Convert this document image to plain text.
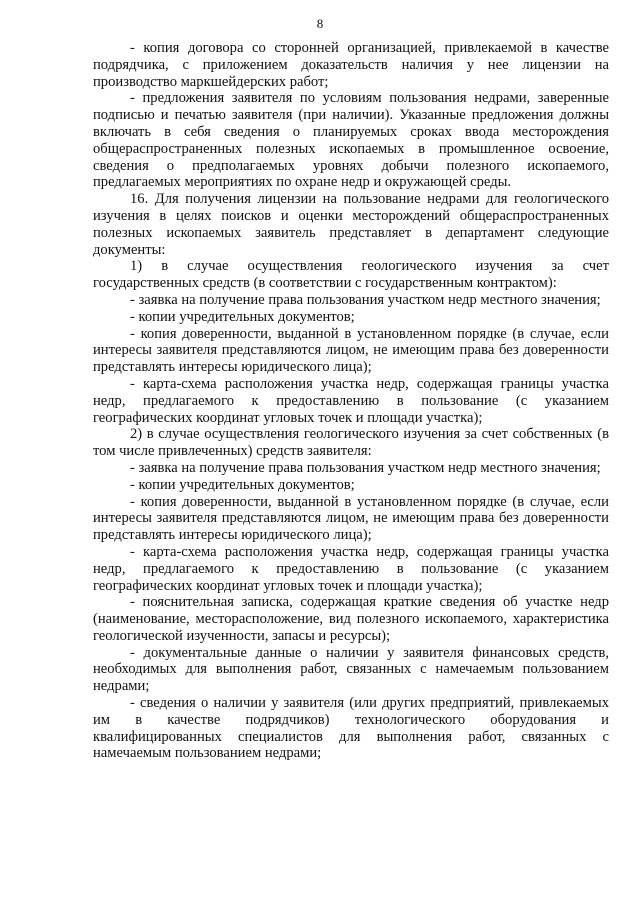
8

- копия договора со сторонней организацией, привлекаемой в качестве подрядчика, с приложением доказательств наличия у нее лицензии на производство маркшейдерских работ;

- предложения заявителя по условиям пользования недрами, заверенные подписью и печатью заявителя (при наличии). Указанные предложения должны включать в себя сведения о планируемых сроках ввода месторождения общераспространенных полезных ископаемых в промышленное освоение, сведения о предполагаемых уровнях добычи полезного ископаемого, предлагаемых мероприятиях по охране недр и окружающей среды.

16. Для получения лицензии на пользование недрами для геологического изучения в целях поисков и оценки месторождений общераспространенных полезных ископаемых заявитель представляет в департамент следующие документы:

1) в случае осуществления геологического изучения за счет государственных средств (в соответствии с государственным контрактом):

- заявка на получение права пользования участком недр местного значения;

- копии учредительных документов;

- копия доверенности, выданной в установленном порядке (в случае, если интересы заявителя представляются лицом, не имеющим права без доверенности представлять интересы юридического лица);

- карта-схема расположения участка недр, содержащая границы участка недр, предлагаемого к предоставлению в пользование (с указанием географических координат угловых точек и площади участка);

2) в случае осуществления геологического изучения за счет собственных (в том числе привлеченных) средств заявителя:

- заявка на получение права пользования участком недр местного значения;

- копии учредительных документов;

- копия доверенности, выданной в установленном порядке (в случае, если интересы заявителя представляются лицом, не имеющим права без доверенности представлять интересы юридического лица);

- карта-схема расположения участка недр, содержащая границы участка недр, предлагаемого к предоставлению в пользование (с указанием географических координат угловых точек и площади участка);

- пояснительная записка, содержащая краткие сведения об участке недр (наименование, месторасположение, вид полезного ископаемого, характеристика геологической изученности, запасы и ресурсы);

- документальные данные о наличии у заявителя финансовых средств, необходимых для выполнения работ, связанных с намечаемым пользованием недрами;

- сведения о наличии у заявителя (или других предприятий, привлекаемых им в качестве подрядчиков) технологического оборудования и квалифицированных специалистов для выполнения работ, связанных с намечаемым пользованием недрами;
